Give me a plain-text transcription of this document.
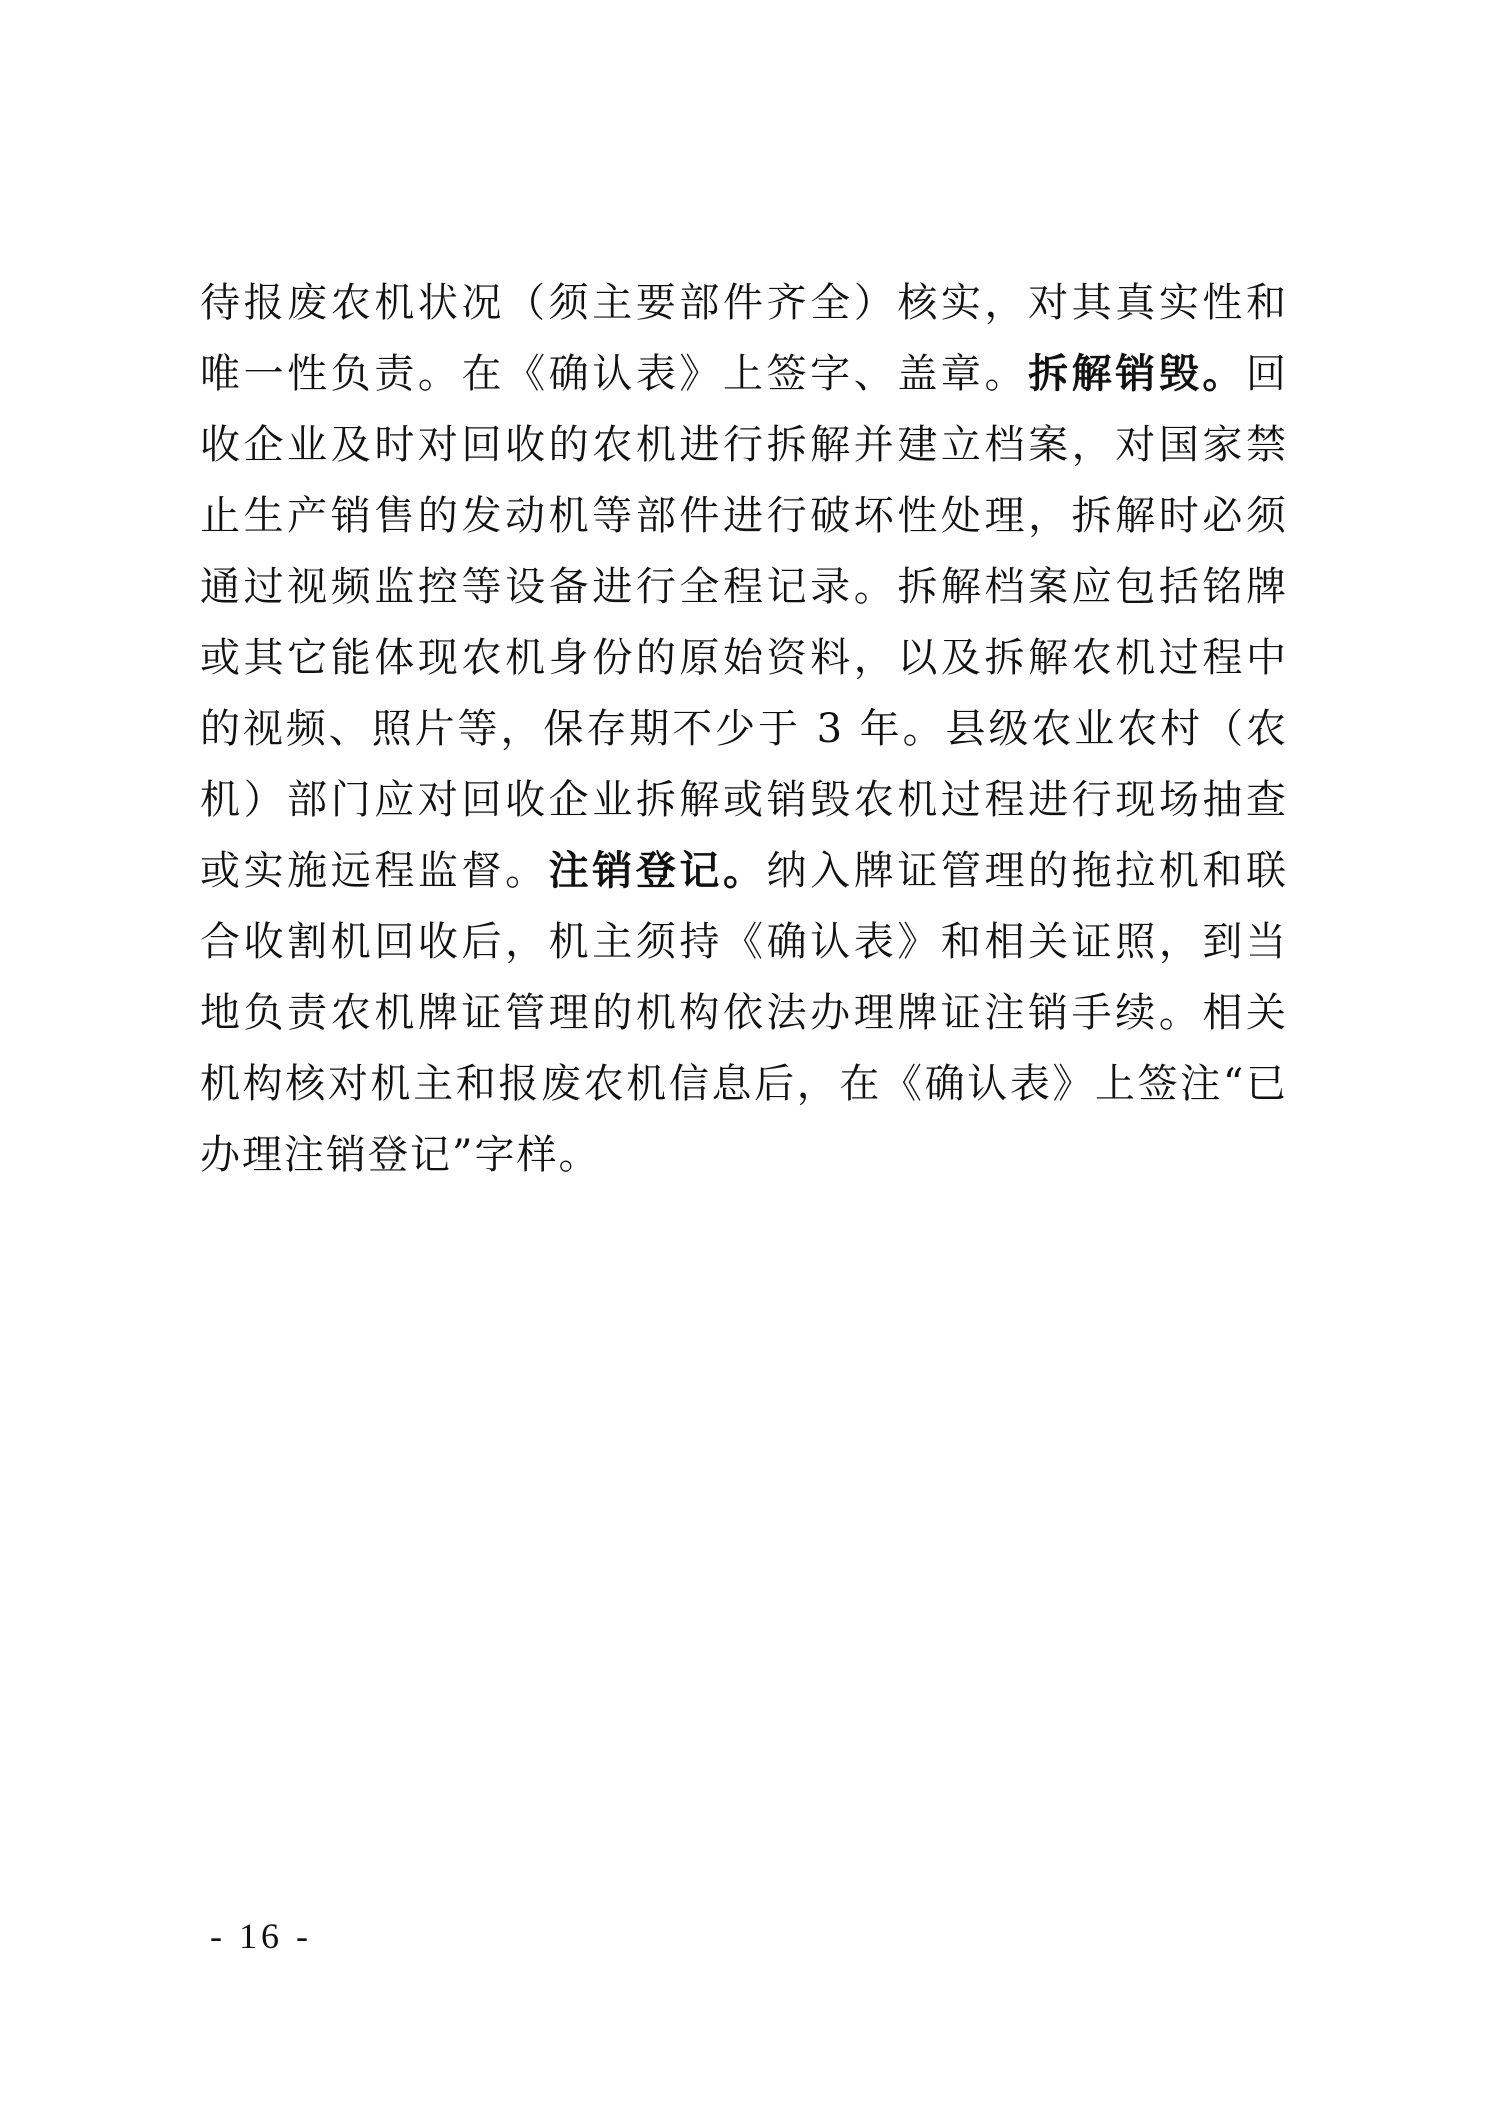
待报废农机状况（须主要部件齐全）核实，对其真实性和唯一性负责。在《确认表》上签字、盖章。拆解销毁。回收企业及时对回收的农机进行拆解并建立档案，对国家禁止生产销售的发动机等部件进行破坏性处理，拆解时必须通过视频监控等设备进行全程记录。拆解档案应包括铭牌或其它能体现农机身份的原始资料，以及拆解农机过程中的视频、照片等，保存期不少于 3 年。县级农业农村（农机）部门应对回收企业拆解或销毁农机过程进行现场抽查或实施远程监督。注销登记。纳入牌证管理的拖拉机和联合收割机回收后，机主须持《确认表》和相关证照，到当地负责农机牌证管理的机构依法办理牌证注销手续。相关机构核对机主和报废农机信息后，在《确认表》上签注“已办理注销登记”字样。

- 16 -
